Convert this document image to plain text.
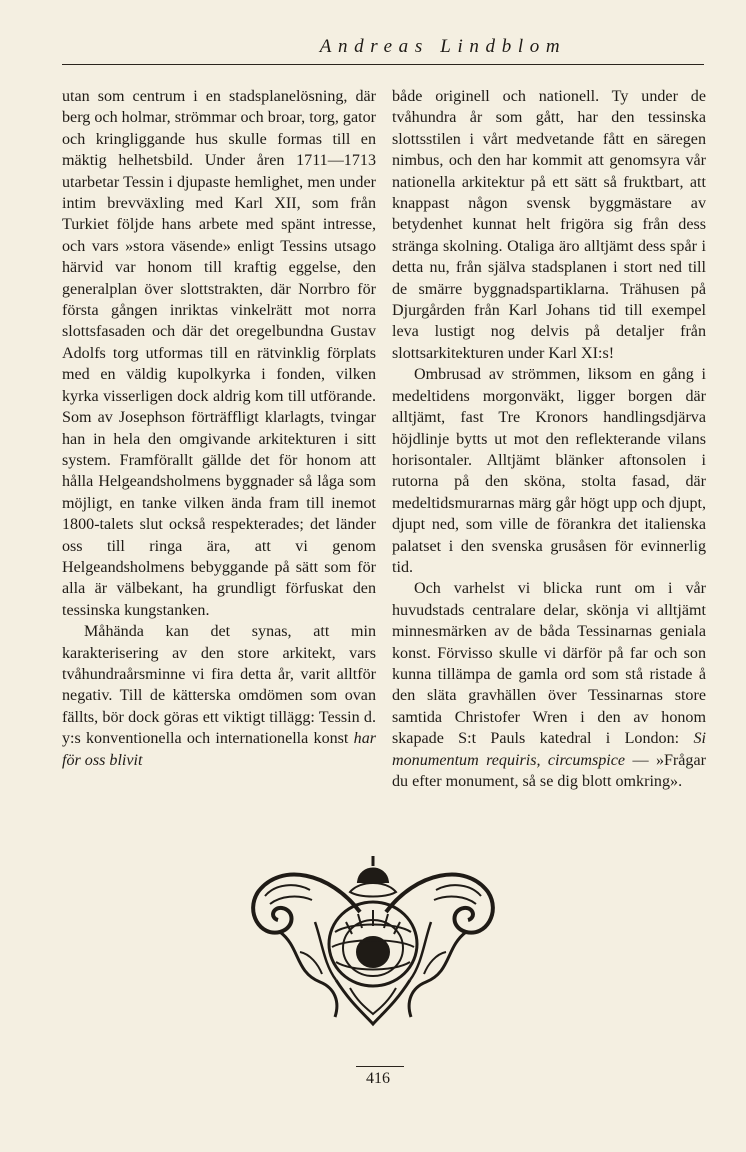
Andreas Lindblom

utan som centrum i en stadsplanelösning, där berg och holmar, strömmar och broar, torg, gator och kringliggande hus skulle formas till en mäktig helhetsbild. Under åren 1711—1713 utarbetar Tessin i djupaste hemlighet, men under intim brevväxling med Karl XII, som från Turkiet följde hans arbete med spänt intresse, och vars »stora väsende» enligt Tessins utsago härvid var honom till kraftig eggelse, den generalplan över slottstrakten, där Norrbro för första gången inriktas vinkelrätt mot norra slottsfasaden och där det oregelbundna Gustav Adolfs torg utformas till en rätvinklig förplats med en väldig kupolkyrka i fonden, vilken kyrka visserligen dock aldrig kom till utförande. Som av Josephson förträffligt klarlagts, tvingar han in hela den omgivande arkitekturen i sitt system. Framförallt gällde det för honom att hålla Helgeandsholmens byggnader så låga som möjligt, en tanke vilken ända fram till inemot 1800-talets slut också respekterades; det länder oss till ringa ära, att vi genom Helgeandsholmens bebyggande på sätt som för alla är välbekant, ha grundligt förfuskat den tessinska kungstanken.

Måhända kan det synas, att min karakterisering av den store arkitekt, vars tvåhundraårsminne vi fira detta år, varit alltför negativ. Till de kätterska omdömen som ovan fällts, bör dock göras ett viktigt tillägg: Tessin d. y:s konventionella och internationella konst har för oss blivit

både originell och nationell. Ty under de tvåhundra år som gått, har den tessinska slottsstilen i vårt medvetande fått en säregen nimbus, och den har kommit att genomsyra vår nationella arkitektur på ett sätt så fruktbart, att knappast någon svensk byggmästare av betydenhet kunnat helt frigöra sig från dess stränga skolning. Otaliga äro alltjämt dess spår i detta nu, från själva stadsplanen i stort ned till de smärre byggnadspartiklarna. Trähusen på Djurgården från Karl Johans tid till exempel leva lustigt nog delvis på detaljer från slottsarkitekturen under Karl XI:s!

Ombrusad av strömmen, liksom en gång i medeltidens morgonväkt, ligger borgen där alltjämt, fast Tre Kronors handlingsdjärva höjdlinje bytts ut mot den reflekterande vilans horisontaler. Alltjämt blänker aftonsolen i rutorna på den sköna, stolta fasad, där medeltidsmurarnas märg går högt upp och djupt, djupt ned, som ville de förankra det italienska palatset i den svenska grusåsen för evinnerlig tid.

Och varhelst vi blicka runt om i vår huvudstads centralare delar, skönja vi alltjämt minnesmärken av de båda Tessinarnas geniala konst. Förvisso skulle vi därför på far och son kunna tillämpa de gamla ord som stå ristade å den släta gravhällen över Tessinarnas store samtida Christofer Wren i den av honom skapade S:t Pauls katedral i London: Si monumentum requiris, circumspice — »Frågar du efter monument, så se dig blott omkring».

416
